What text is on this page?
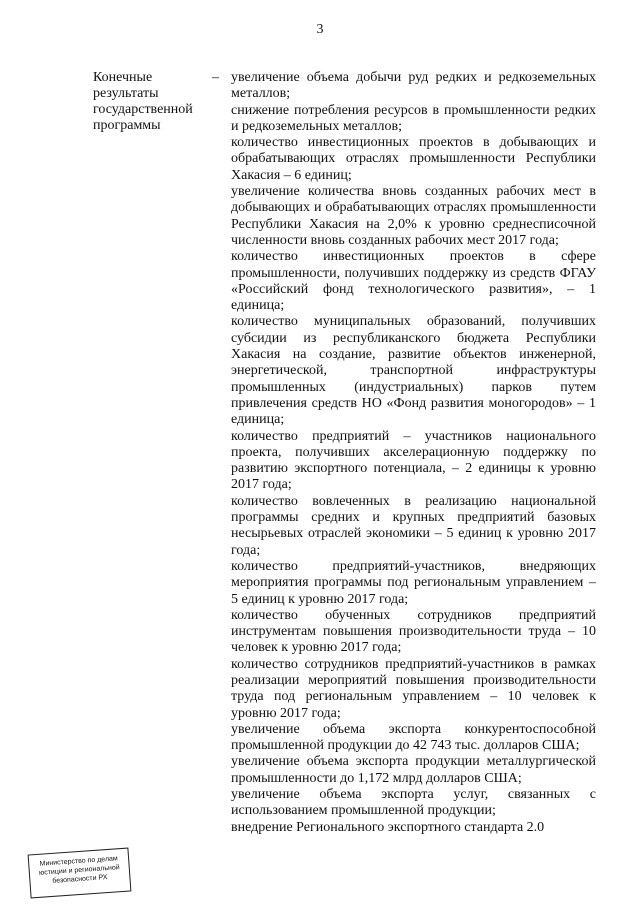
3
Конечные
результаты
государственной
программы
– увеличение объема добычи руд редких и редкоземельных металлов;

снижение потребления ресурсов в промышленности редких и редкоземельных металлов;

количество инвестиционных проектов в добывающих и обрабатывающих отраслях промышленности Республики Хакасия – 6 единиц;

увеличение количества вновь созданных рабочих мест в добывающих и обрабатывающих отраслях промышленности Республики Хакасия на 2,0% к уровню среднесписочной численности вновь созданных рабочих мест 2017 года;

количество инвестиционных проектов в сфере промышленности, получивших поддержку из средств ФГАУ «Российский фонд технологического развития», – 1 единица;

количество муниципальных образований, получивших субсидии из республиканского бюджета Республики Хакасия на создание, развитие объектов инженерной, энергетической, транспортной инфраструктуры промышленных (индустриальных) парков путем привлечения средств НО «Фонд развития моногородов» – 1 единица;

количество предприятий – участников национального проекта, получивших акселерационную поддержку по развитию экспортного потенциала, – 2 единицы к уровню 2017 года;

количество вовлеченных в реализацию национальной программы средних и крупных предприятий базовых несырьевых отраслей экономики – 5 единиц к уровню 2017 года;

количество предприятий-участников, внедряющих мероприятия программы под региональным управлением – 5 единиц к уровню 2017 года;

количество обученных сотрудников предприятий инструментам повышения производительности труда – 10 человек к уровню 2017 года;

количество сотрудников предприятий-участников в рамках реализации мероприятий повышения производительности труда под региональным управлением – 10 человек к уровню 2017 года;

увеличение объема экспорта конкурентоспособной промышленной продукции до 42 743 тыс. долларов США;

увеличение объема экспорта продукции металлургической промышленности до 1,172 млрд долларов США;

увеличение объема экспорта услуг, связанных с использованием промышленной продукции;

внедрение Регионального экспортного стандарта 2.0

Министерство по делам
юстиции и региональной
безопасности РХ
